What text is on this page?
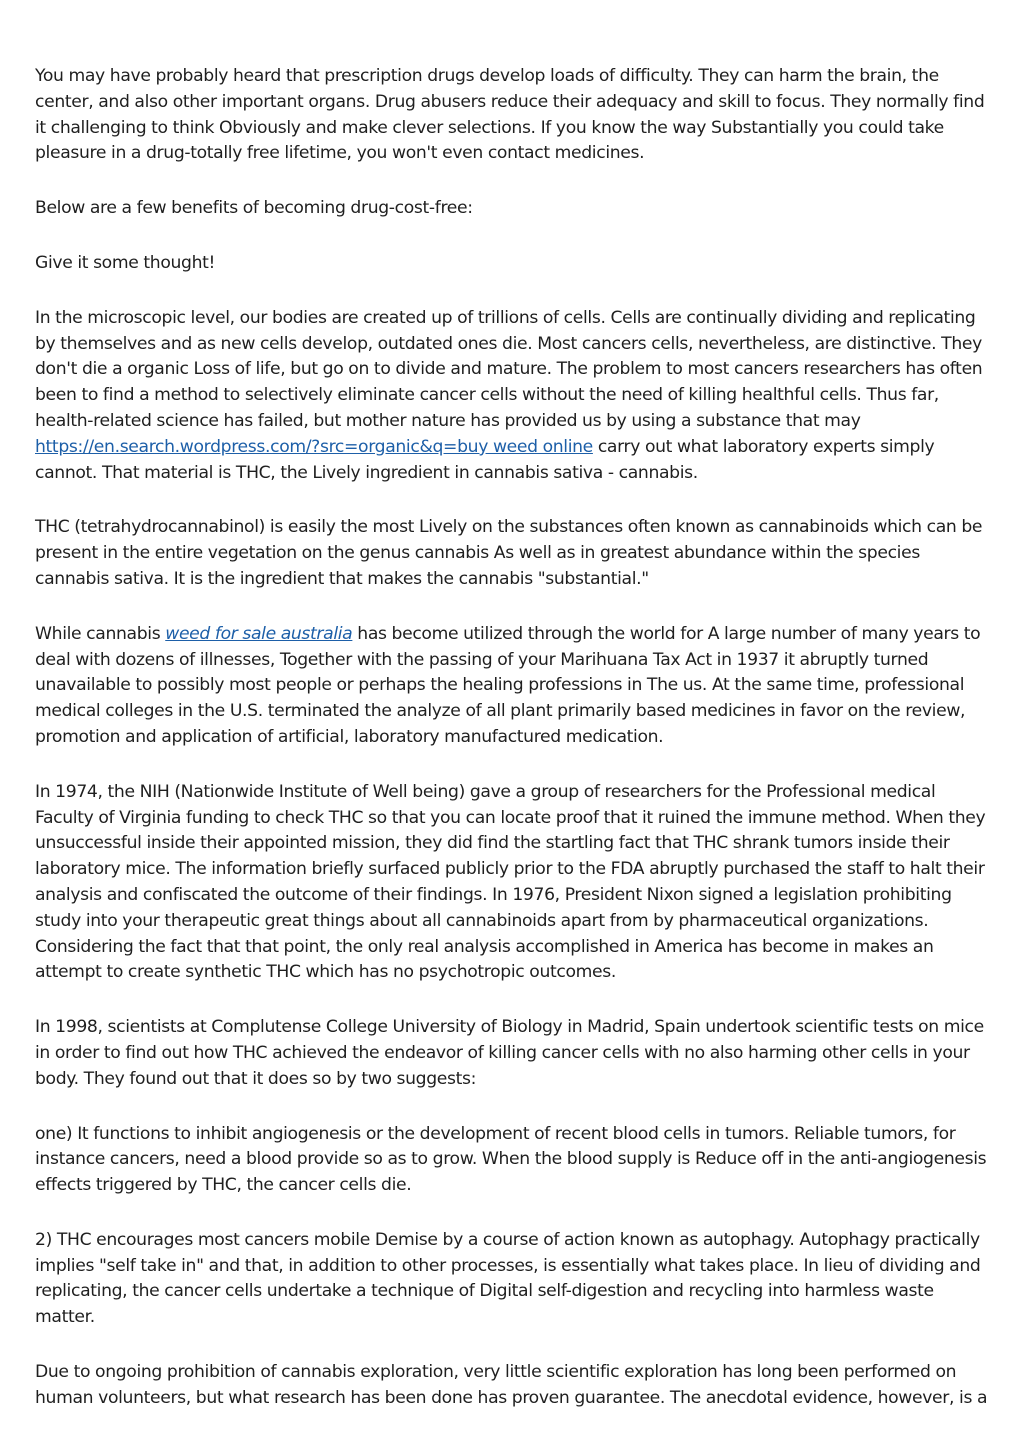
You may have probably heard that prescription drugs develop loads of difficulty. They can harm the brain, the center, and also other important organs. Drug abusers reduce their adequacy and skill to focus. They normally find it challenging to think Obviously and make clever selections. If you know the way Substantially you could take pleasure in a drug-totally free lifetime, you won't even contact medicines.

Below are a few benefits of becoming drug-cost-free:

Give it some thought!

In the microscopic level, our bodies are created up of trillions of cells. Cells are continually dividing and replicating by themselves and as new cells develop, outdated ones die. Most cancers cells, nevertheless, are distinctive. They don't die a organic Loss of life, but go on to divide and mature. The problem to most cancers researchers has often been to find a method to selectively eliminate cancer cells without the need of killing healthful cells. Thus far, health-related science has failed, but mother nature has provided us by using a substance that may https://en.search.wordpress.com/?src=organic&q=buy weed online carry out what laboratory experts simply cannot. That material is THC, the Lively ingredient in cannabis sativa - cannabis.

THC (tetrahydrocannabinol) is easily the most Lively on the substances often known as cannabinoids which can be present in the entire vegetation on the genus cannabis As well as in greatest abundance within the species cannabis sativa. It is the ingredient that makes the cannabis "substantial."

While cannabis weed for sale australia has become utilized through the world for A large number of many years to deal with dozens of illnesses, Together with the passing of your Marihuana Tax Act in 1937 it abruptly turned unavailable to possibly most people or perhaps the healing professions in The us. At the same time, professional medical colleges in the U.S. terminated the analyze of all plant primarily based medicines in favor on the review, promotion and application of artificial, laboratory manufactured medication.

In 1974, the NIH (Nationwide Institute of Well being) gave a group of researchers for the Professional medical Faculty of Virginia funding to check THC so that you can locate proof that it ruined the immune method. When they unsuccessful inside their appointed mission, they did find the startling fact that THC shrank tumors inside their laboratory mice. The information briefly surfaced publicly prior to the FDA abruptly purchased the staff to halt their analysis and confiscated the outcome of their findings. In 1976, President Nixon signed a legislation prohibiting study into your therapeutic great things about all cannabinoids apart from by pharmaceutical organizations. Considering the fact that that point, the only real analysis accomplished in America has become in makes an attempt to create synthetic THC which has no psychotropic outcomes.

In 1998, scientists at Complutense College University of Biology in Madrid, Spain undertook scientific tests on mice in order to find out how THC achieved the endeavor of killing cancer cells with no also harming other cells in your body. They found out that it does so by two suggests:

one) It functions to inhibit angiogenesis or the development of recent blood cells in tumors. Reliable tumors, for instance cancers, need a blood provide so as to grow. When the blood supply is Reduce off in the anti-angiogenesis effects triggered by THC, the cancer cells die.

2) THC encourages most cancers mobile Demise by a course of action known as autophagy. Autophagy practically implies "self take in" and that, in addition to other processes, is essentially what takes place. In lieu of dividing and replicating, the cancer cells undertake a technique of Digital self-digestion and recycling into harmless waste matter.

Due to ongoing prohibition of cannabis exploration, very little scientific exploration has long been performed on human volunteers, but what research has been done has proven guarantee. The anecdotal evidence, however, is a
